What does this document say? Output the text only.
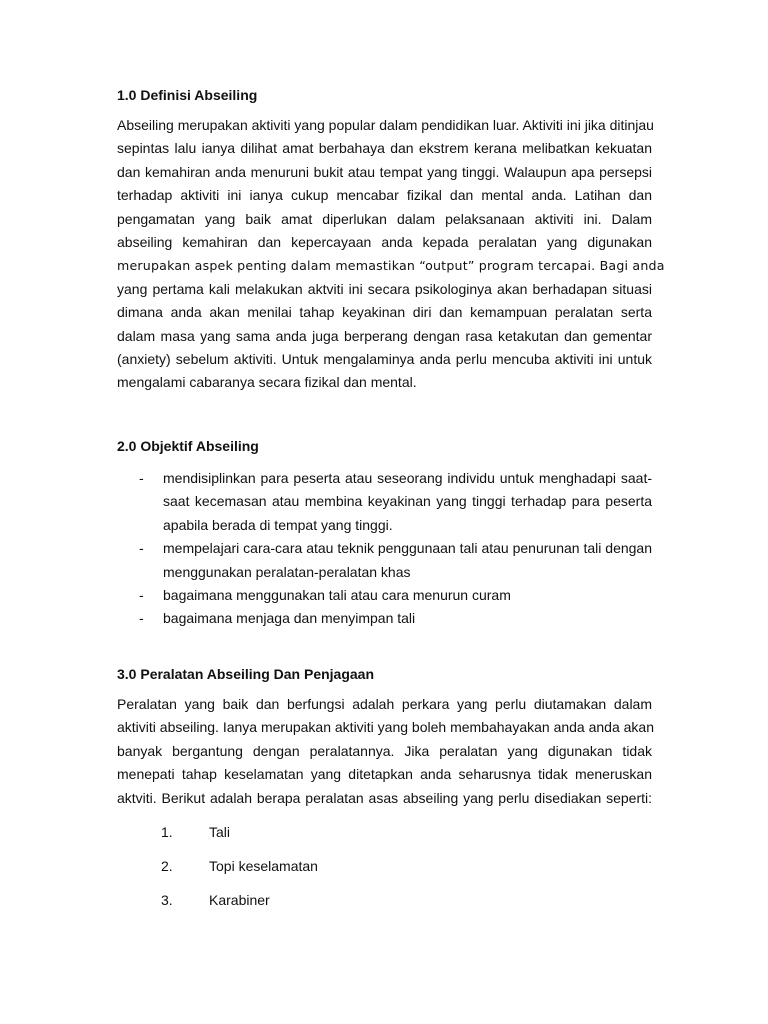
1.0 Definisi Abseiling
Abseiling merupakan aktiviti yang popular dalam pendidikan luar. Aktiviti ini jika ditinjau
sepintas lalu ianya dilihat amat berbahaya dan ekstrem kerana melibatkan kekuatan
dan kemahiran anda menuruni bukit atau tempat yang tinggi. Walaupun apa persepsi
terhadap aktiviti ini ianya cukup mencabar fizikal dan mental anda. Latihan dan
pengamatan yang baik amat diperlukan dalam pelaksanaan aktiviti ini. Dalam
abseiling kemahiran dan kepercayaan anda kepada peralatan yang digunakan
merupakan aspek penting dalam memastikan “output” program tercapai. Bagi anda
yang pertama kali melakukan aktviti ini secara psikologinya akan berhadapan situasi
dimana anda akan menilai tahap keyakinan diri dan kemampuan peralatan serta
dalam masa yang sama anda juga berperang dengan rasa ketakutan dan gementar
(anxiety) sebelum aktiviti. Untuk mengalaminya anda perlu mencuba aktiviti ini untuk
mengalami cabaranya secara fizikal dan mental.
2.0 Objektif Abseiling
- mendisiplinkan para peserta atau seseorang individu untuk menghadapi saat-
saat kecemasan atau membina keyakinan yang tinggi terhadap para peserta
apabila berada di tempat yang tinggi.
- mempelajari cara-cara atau teknik penggunaan tali atau penurunan tali dengan
menggunakan peralatan-peralatan khas
- bagaimana menggunakan tali atau cara menurun curam
- bagaimana menjaga dan menyimpan tali
3.0 Peralatan Abseiling Dan Penjagaan
Peralatan yang baik dan berfungsi adalah perkara yang perlu diutamakan dalam
aktiviti abseiling. Ianya merupakan aktiviti yang boleh membahayakan anda anda akan
banyak bergantung dengan peralatannya. Jika peralatan yang digunakan tidak
menepati tahap keselamatan yang ditetapkan anda seharusnya tidak meneruskan
aktviti. Berikut adalah berapa peralatan asas abseiling yang perlu disediakan seperti:
1.	Tali
2.	Topi keselamatan
3.	Karabiner
